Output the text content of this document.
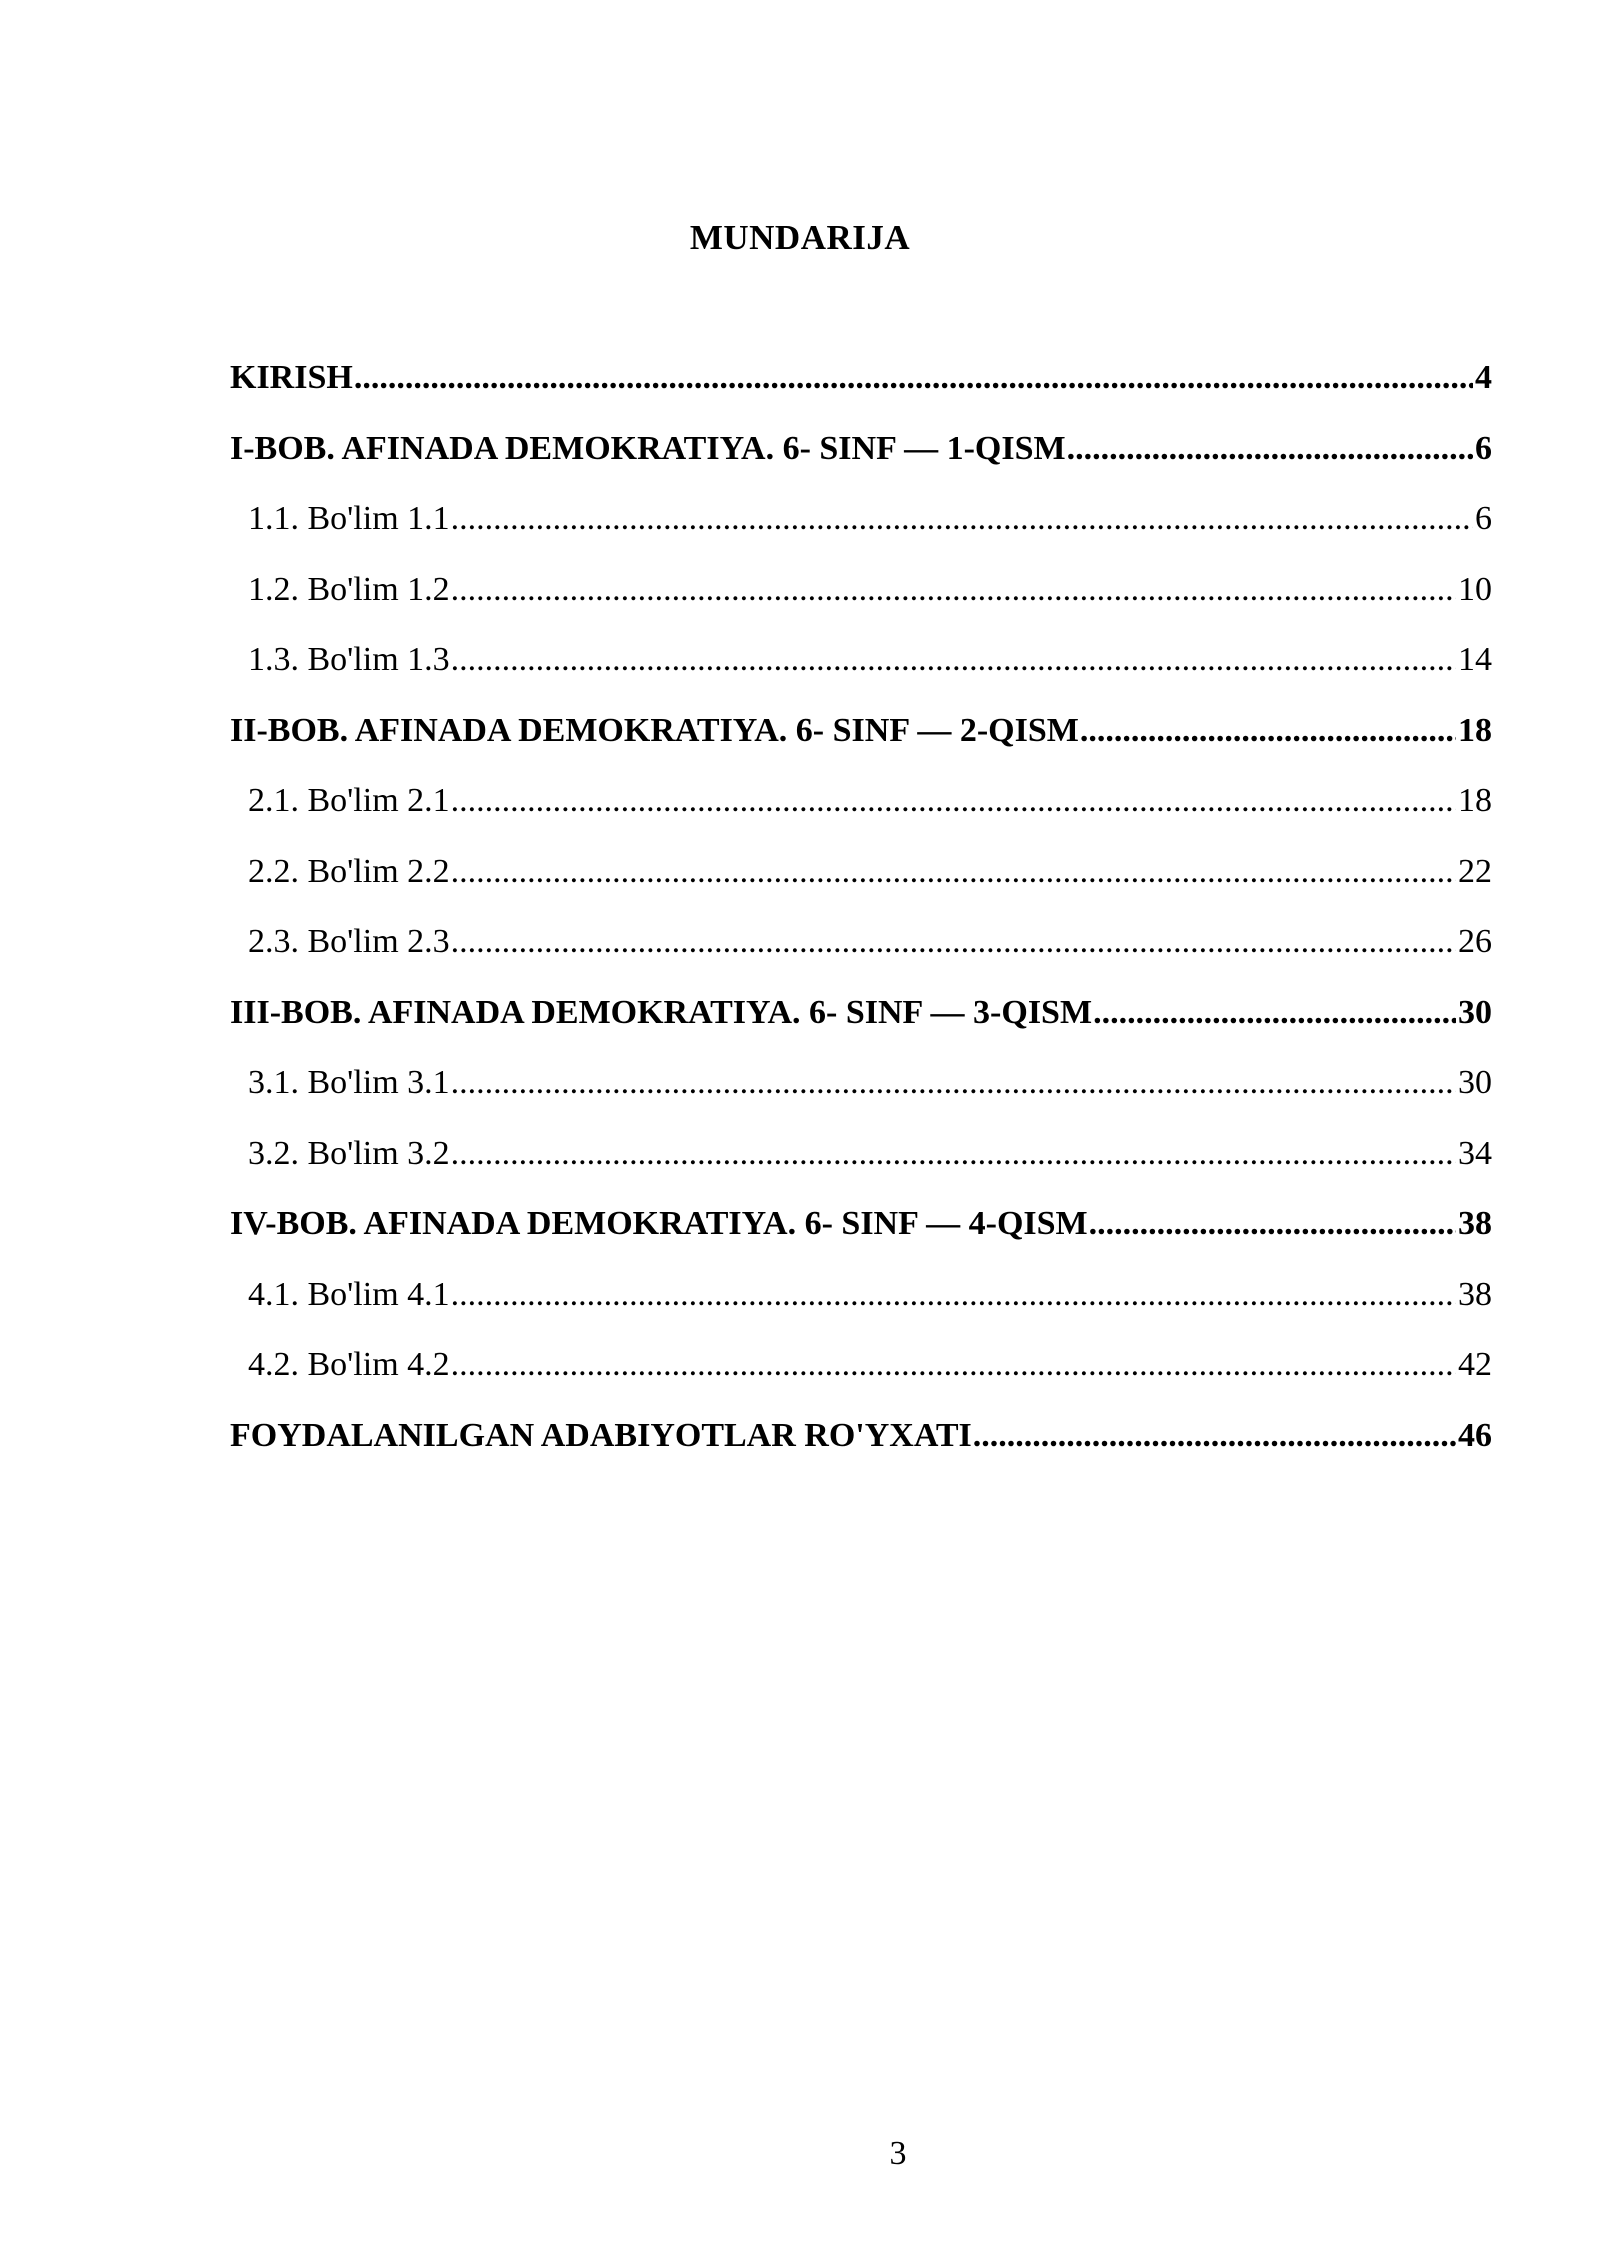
MUNDARIJA
KIRISH .....	4
I-BOB. AFINADA DEMOKRATIYA. 6- SINF — 1-QISM .....	6
1.1. Bo'lim 1.1 .....	6
1.2. Bo'lim 1.2 .....	10
1.3. Bo'lim 1.3 .....	14
II-BOB. AFINADA DEMOKRATIYA. 6- SINF — 2-QISM .....	18
2.1. Bo'lim 2.1 .....	18
2.2. Bo'lim 2.2 .....	22
2.3. Bo'lim 2.3 .....	26
III-BOB. AFINADA DEMOKRATIYA. 6- SINF — 3-QISM .....	30
3.1. Bo'lim 3.1 .....	30
3.2. Bo'lim 3.2 .....	34
IV-BOB. AFINADA DEMOKRATIYA. 6- SINF — 4-QISM .....	38
4.1. Bo'lim 4.1 .....	38
4.2. Bo'lim 4.2 .....	42
FOYDALANILGAN ADABIYOTLAR RO'YXATI .....	46
3
